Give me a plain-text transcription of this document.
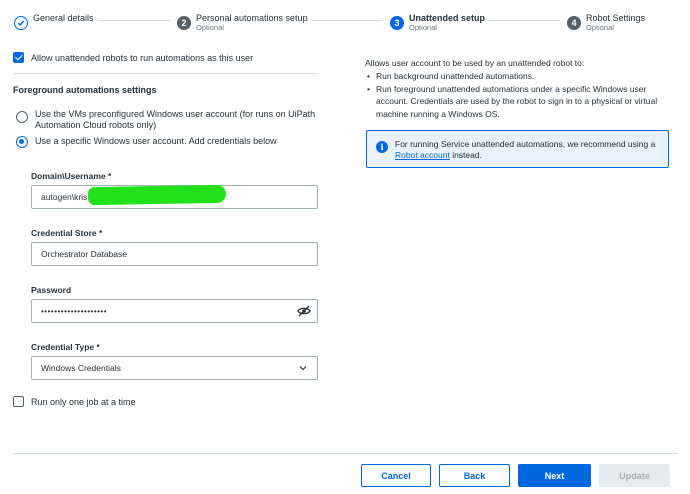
General details	2	Personal automations setup
Optional	3	Unattended setup
Optional	4	Robot Settings
Optional
Allow unattended robots to run automations as this user
Foreground automations settings
Use the VMs preconfigured Windows user account (for runs on UiPath Automation Cloud robots only)
Use a specific Windows user account. Add credentials below
Domain\Username *
autogen\kris
Credential Store *
Orchestrator Database
Password
••••••••••••••••••••
Credential Type *
Windows Credentials
Run only one job at a time
Allows user account to be used by an unattended robot to:
• Run background unattended automations.
• Run foreground unattended automations under a specific Windows user account. Credentials are used by the robot to sign in to a physical or virtual machine running a Windows OS.
i	For running Service unattended automations, we recommend using a Robot account instead.
Cancel	Back	Next	Update
